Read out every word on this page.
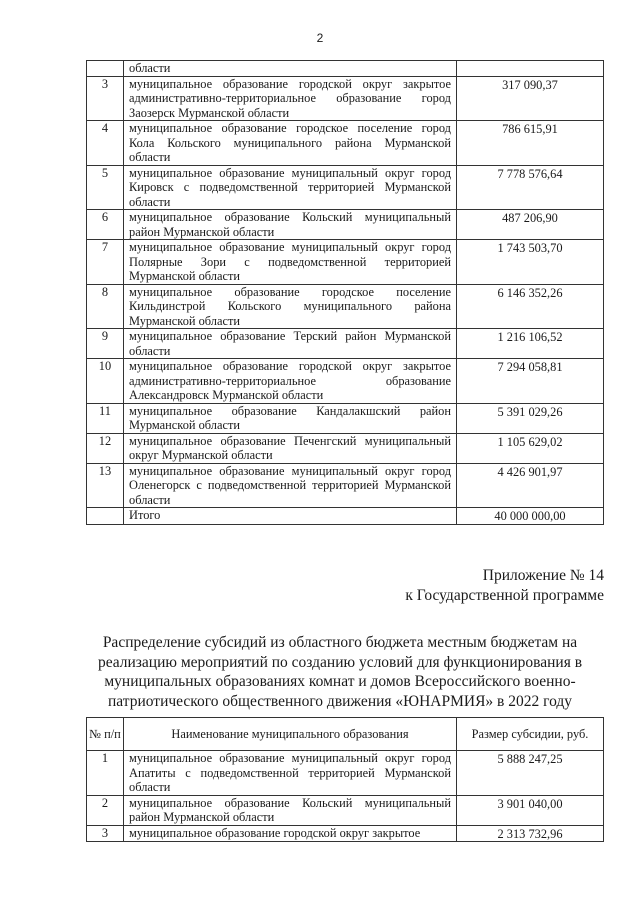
2
	области	
3	муниципальное образование городской округ закрытое административно-территориальное образование город Заозерск Мурманской области	317 090,37
4	муниципальное образование городское поселение город Кола Кольского муниципального района Мурманской области	786 615,91
5	муниципальное образование муниципальный округ город Кировск с подведомственной территорией Мурманской области	7 778 576,64
6	муниципальное образование Кольский муниципальный район Мурманской области	487 206,90
7	муниципальное образование муниципальный округ город Полярные Зори с подведомственной территорией Мурманской области	1 743 503,70
8	муниципальное образование городское поселение Кильдинстрой Кольского муниципального района Мурманской области	6 146 352,26
9	муниципальное образование Терский район Мурманской области	1 216 106,52
10	муниципальное образование городской округ закрытое административно-территориальное образование Александровск Мурманской области	7 294 058,81
11	муниципальное образование Кандалакшский район Мурманской области	5 391 029,26
12	муниципальное образование Печенгский муниципальный округ Мурманской области	1 105 629,02
13	муниципальное образование муниципальный округ город Оленегорск с подведомственной территорией Мурманской области	4 426 901,97
	Итого	40 000 000,00
Приложение № 14
к Государственной программе
Распределение субсидий из областного бюджета местным бюджетам на реализацию мероприятий по созданию условий для функционирования в муниципальных образованиях комнат и домов Всероссийского военно-патриотического общественного движения «ЮНАРМИЯ» в 2022 году
№ п/п	Наименование муниципального образования	Размер субсидии, руб.
1	муниципальное образование муниципальный округ город Апатиты с подведомственной территорией Мурманской области	5 888 247,25
2	муниципальное образование Кольский муниципальный район Мурманской области	3 901 040,00
3	муниципальное образование городской округ закрытое	2 313 732,96
